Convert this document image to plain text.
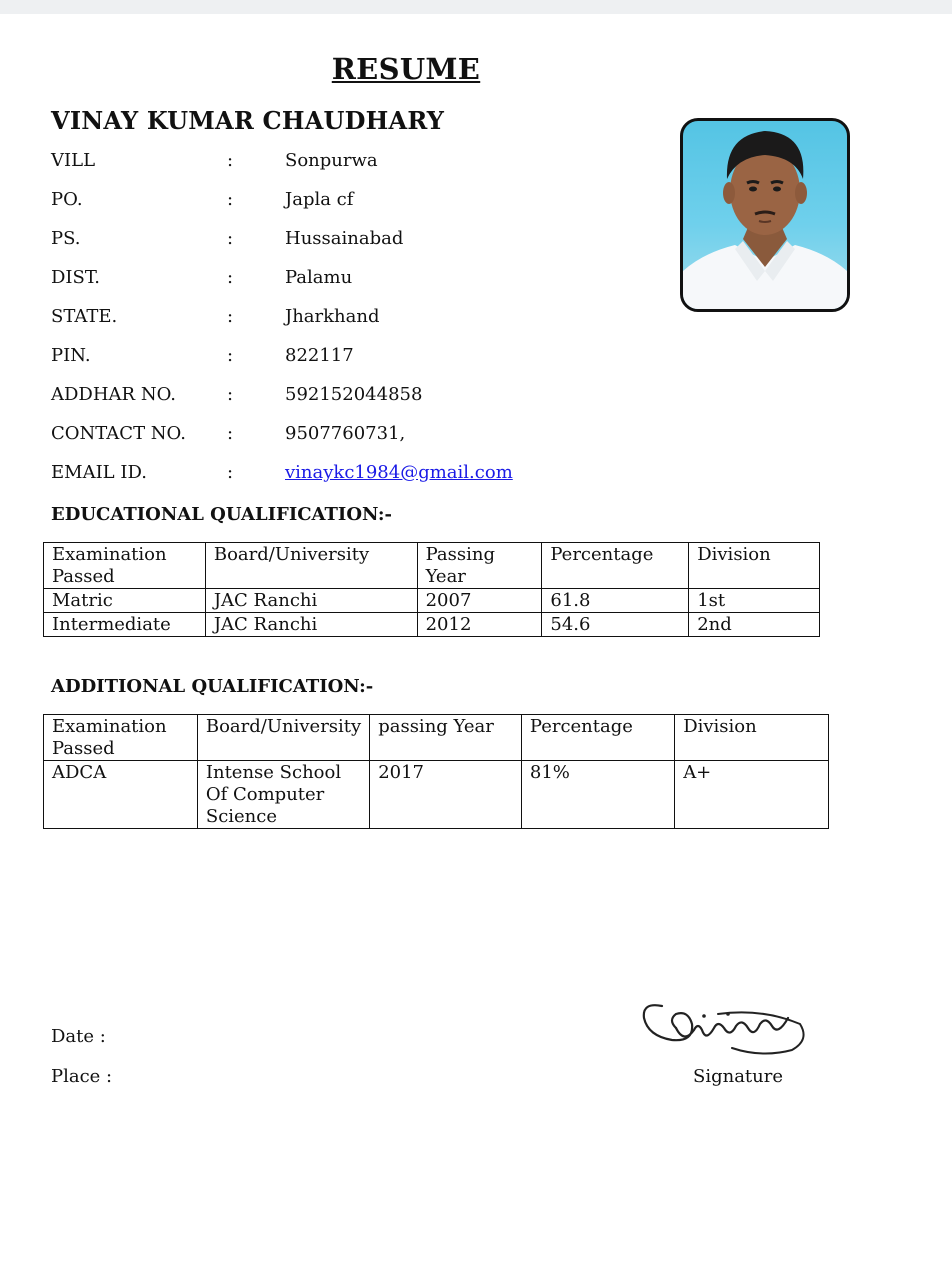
RESUME
VINAY KUMAR CHAUDHARY
VILL	:	Sonpurwa
PO.	:	Japla cf
PS.	:	Hussainabad
DIST.	:	Palamu
STATE.	:	Jharkhand
PIN.	:	822117
ADDHAR NO.	:	592152044858
CONTACT NO. :	9507760731,
EMAIL ID.	:	vinaykc1984@gmail.com
EDUCATIONAL QUALIFICATION:-
Examination Passed	Board/University	Passing Year	Percentage	Division
Matric	JAC Ranchi	2007	61.8	1st
Intermediate	JAC Ranchi	2012	54.6	2nd
ADDITIONAL QUALIFICATION:-
Examination Passed	Board/University	passing Year	Percentage	Division
ADCA	Intense School Of Computer Science	2017	81%	A+
Date :
Place :	Signature
